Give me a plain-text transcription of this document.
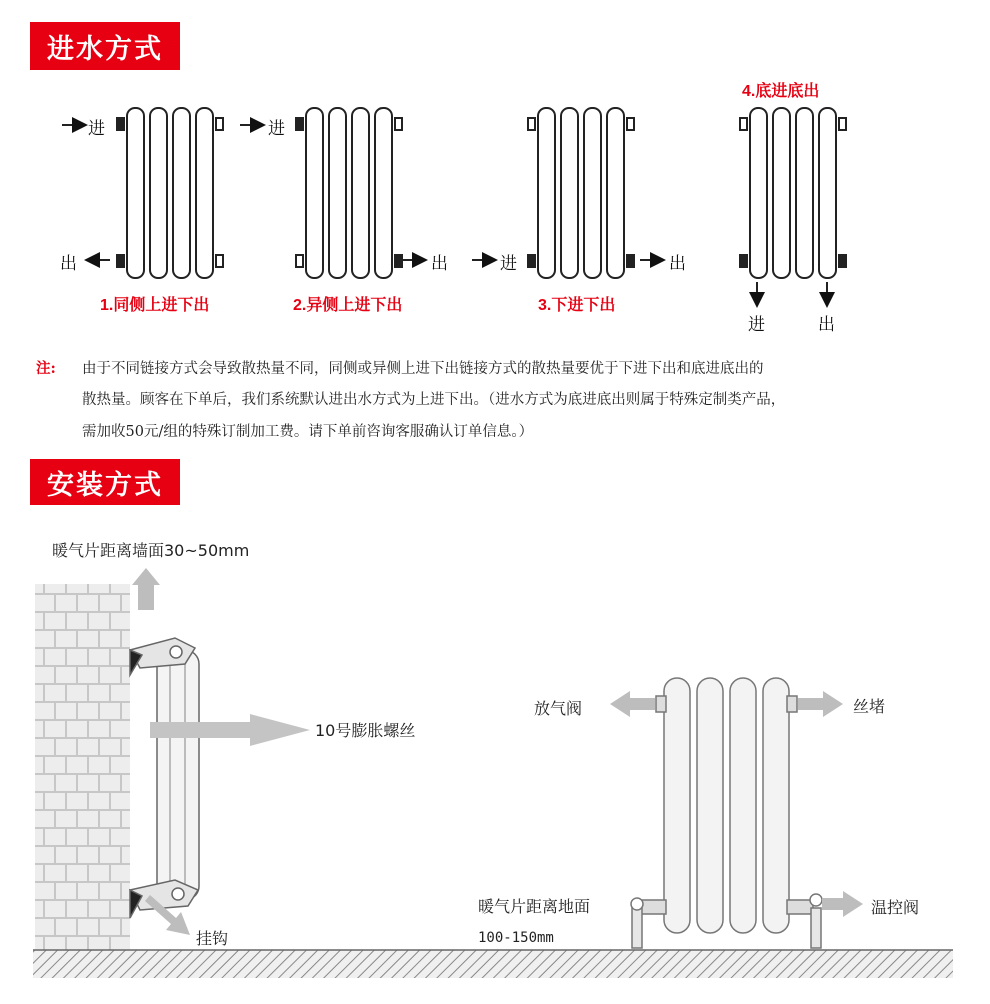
进水方式
安装方式
进
出
1.同侧上进下出
进
出
2.异侧上进下出
进	出
3.下进下出
4.底进底出
进	出
注: 由于不同链接方式会导致散热量不同，同侧或异侧上进下出链接方式的散热量要优于下进下出和底进底出的
散热量。顾客在下单后，我们系统默认进出水方式为上进下出。（进水方式为底进底出则属于特殊定制类产品，
需加收50元/组的特殊订制加工费。请下单前咨询客服确认订单信息。）
暖气片距离墙面30~50mm
10号膨胀螺丝
挂钩
放气阀	丝堵
暖气片距离地面
100-150mm
温控阀
